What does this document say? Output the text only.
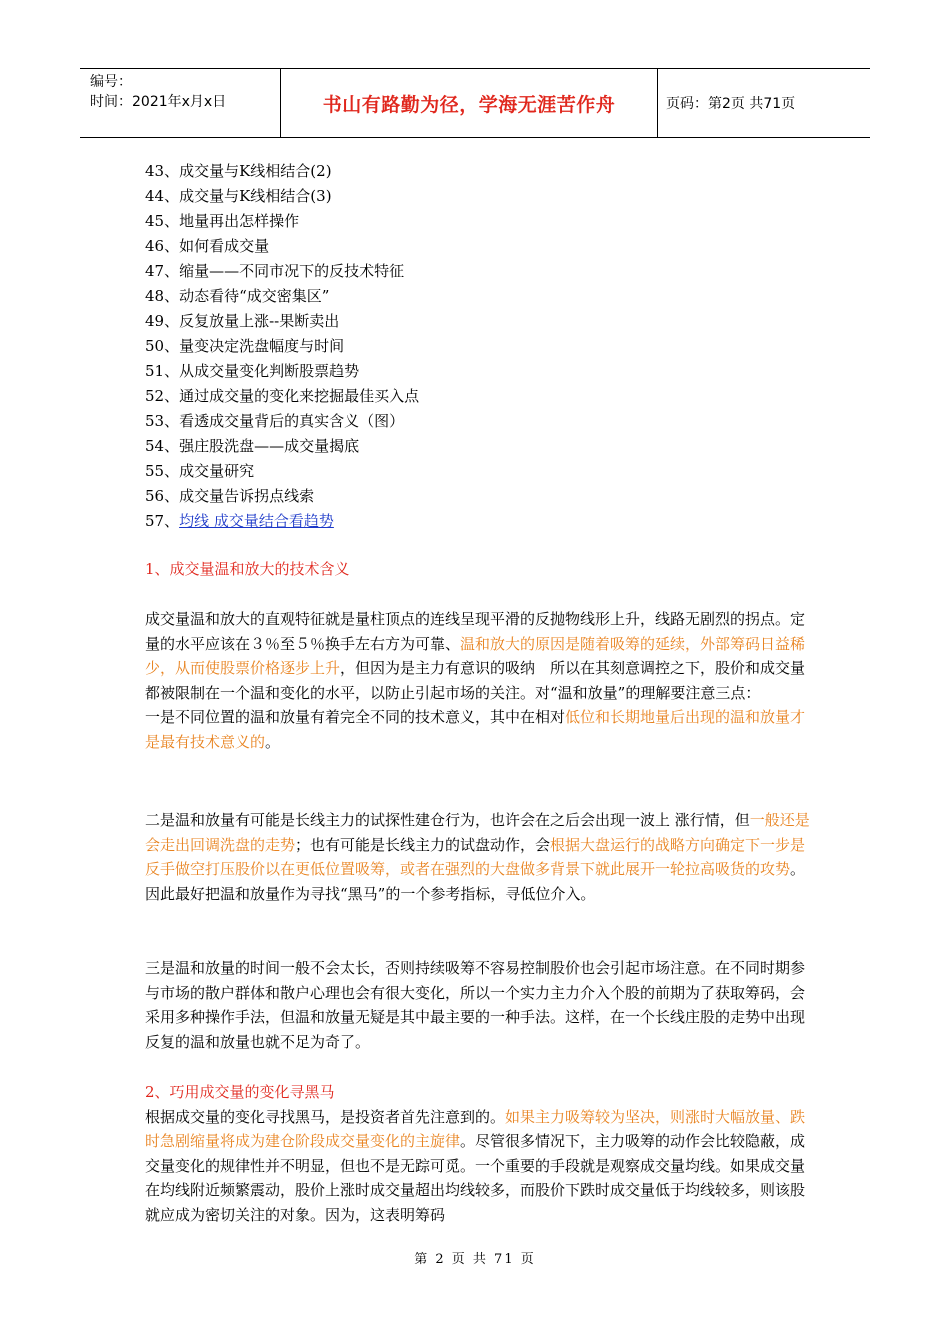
编号：
时间：2021年x月x日	书山有路勤为径，学海无涯苦作舟	页码：第2页 共71页
43、成交量与K线相结合(2)
44、成交量与K线相结合(3)
45、地量再出怎样操作
46、如何看成交量
47、缩量——不同市况下的反技术特征
48、动态看待“成交密集区”
49、反复放量上涨--果断卖出
50、量变决定洗盘幅度与时间
51、从成交量变化判断股票趋势
52、通过成交量的变化来挖掘最佳买入点
53、看透成交量背后的真实含义（图）
54、强庄股洗盘——成交量揭底
55、成交量研究
56、成交量告诉拐点线索
57、均线 成交量结合看趋势

1、成交量温和放大的技术含义

成交量温和放大的直观特征就是量柱顶点的连线呈现平滑的反抛物线形上升，线路无剧烈的拐点。定量的水平应该在３％至５％换手左右方为可靠、温和放大的原因是随着吸筹的延续，外部筹码日益稀少，从而使股票价格逐步上升，但因为是主力有意识的吸纳　所以在其刻意调控之下，股价和成交量都被限制在一个温和变化的水平，以防止引起市场的关注。对“温和放量”的理解要注意三点：

一是不同位置的温和放量有着完全不同的技术意义，其中在相对低位和长期地量后出现的温和放量才是最有技术意义的。

二是温和放量有可能是长线主力的试探性建仓行为，也许会在之后会出现一波上 涨行情，但一般还是会走出回调洗盘的走势；也有可能是长线主力的试盘动作，会根据大盘运行的战略方向确定下一步是反手做空打压股价以在更低位置吸筹，或者在强烈的大盘做多背景下就此展开一轮拉高吸货的攻势。因此最好把温和放量作为寻找“黑马”的一个参考指标，寻低位介入。

三是温和放量的时间一般不会太长，否则持续吸筹不容易控制股价也会引起市场注意。在不同时期参与市场的散户群体和散户心理也会有很大变化，所以一个实力主力介入个股的前期为了获取筹码，会采用多种操作手法，但温和放量无疑是其中最主要的一种手法。这样，在一个长线庄股的走势中出现反复的温和放量也就不足为奇了。

2、巧用成交量的变化寻黑马

根据成交量的变化寻找黑马，是投资者首先注意到的。如果主力吸筹较为坚决，则涨时大幅放量、跌时急剧缩量将成为建仓阶段成交量变化的主旋律。尽管很多情况下，主力吸筹的动作会比较隐蔽，成交量变化的规律性并不明显，但也不是无踪可觅。一个重要的手段就是观察成交量均线。如果成交量在均线附近频繁震动，股价上涨时成交量超出均线较多，而股价下跌时成交量低于均线较多，则该股就应成为密切关注的对象。因为，这表明筹码

第 2 页 共 71 页
